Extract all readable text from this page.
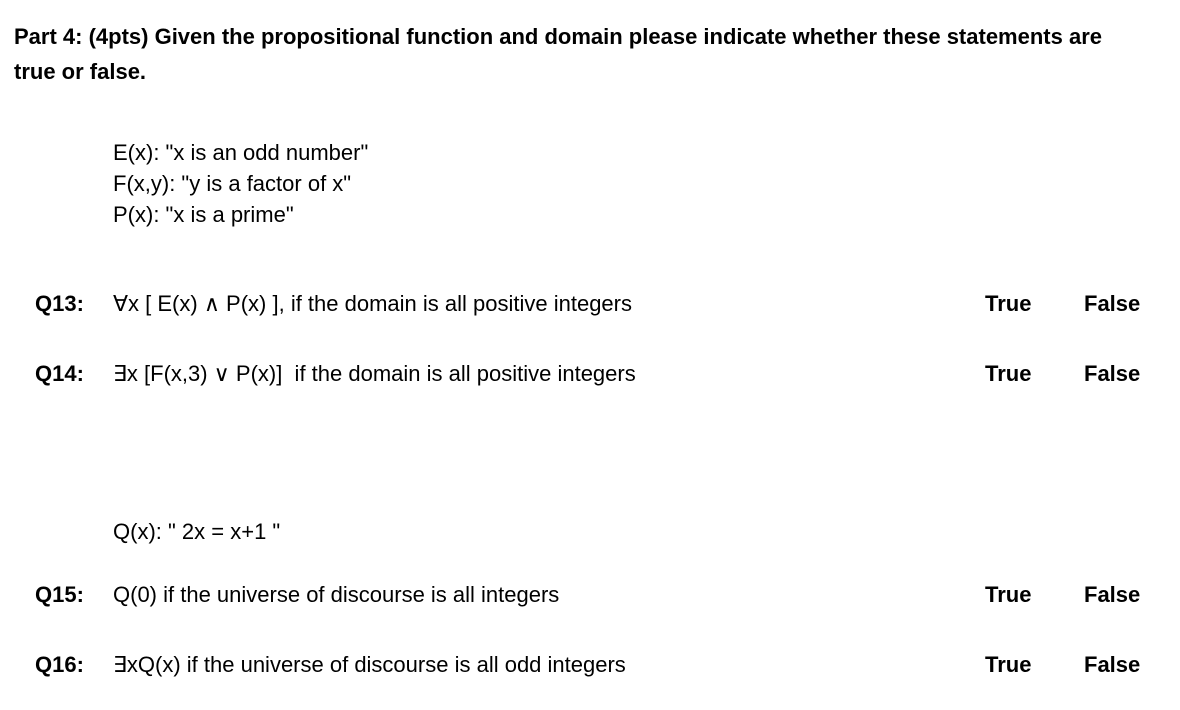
Part 4: (4pts) Given the propositional function and domain please indicate whether these statements are true or false.
E(x): "x is an odd number"
F(x,y): "y is a factor of x"
P(x): "x is a prime"
Q13: ∀x [ E(x) ∧ P(x) ], if the domain is all positive integers	True False
Q14: ∃x [F(x,3) ∨ P(x)]  if the domain is all positive integers	True False
Q(x): " 2x = x+1 "
Q15: Q(0) if the universe of discourse is all integers	True False
Q16: ∃xQ(x) if the universe of discourse is all odd integers	True False
